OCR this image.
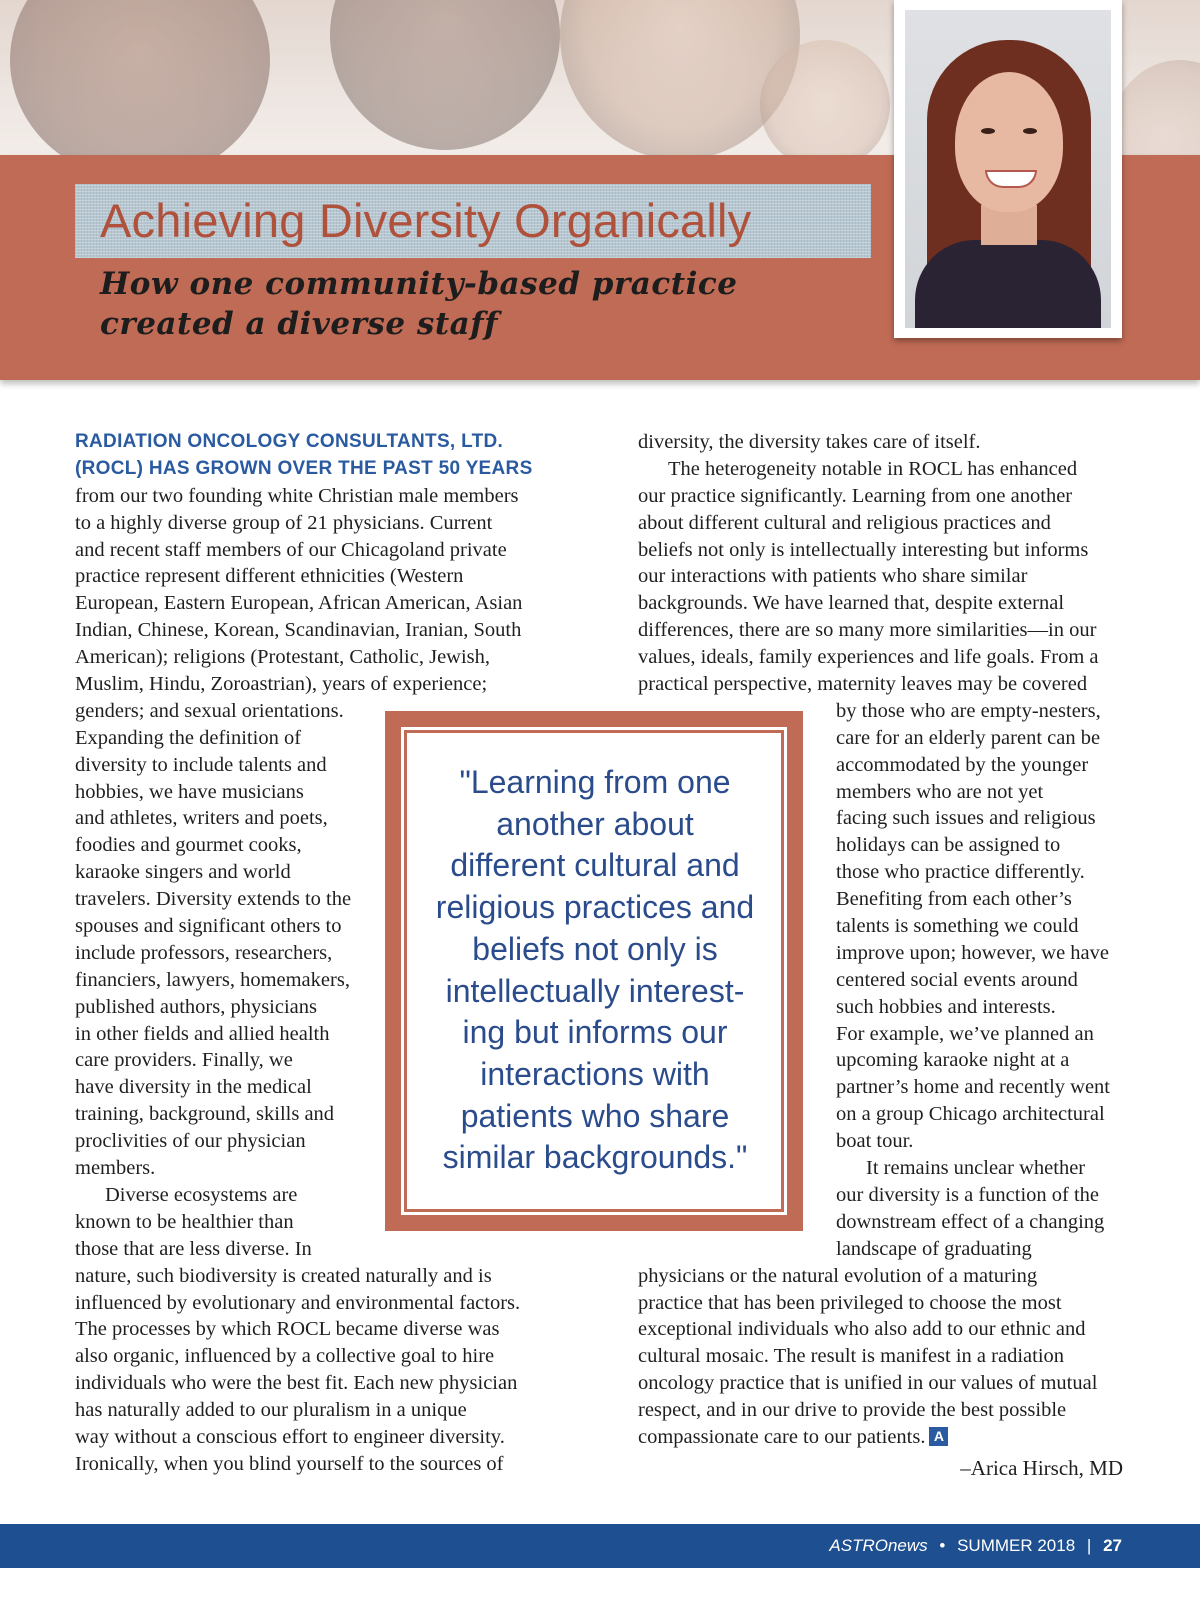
Achieving Diversity Organically
How one community-based practice
created a diverse staff
RADIATION ONCOLOGY CONSULTANTS, LTD.
(ROCL) HAS GROWN OVER THE PAST 50 YEARS
from our two founding white Christian male members
to a highly diverse group of 21 physicians. Current
and recent staff members of our Chicagoland private
practice represent different ethnicities (Western
European, Eastern European, African American, Asian
Indian, Chinese, Korean, Scandinavian, Iranian, South
American); religions (Protestant, Catholic, Jewish,
Muslim, Hindu, Zoroastrian), years of experience;
genders; and sexual orientations.
Expanding the definition of
diversity to include talents and
hobbies, we have musicians
and athletes, writers and poets,
foodies and gourmet cooks,
karaoke singers and world
travelers. Diversity extends to the
spouses and significant others to
include professors, researchers,
financiers, lawyers, homemakers,
published authors, physicians
in other fields and allied health
care providers. Finally, we
have diversity in the medical
training, background, skills and
proclivities of our physician
members.
Diverse ecosystems are
known to be healthier than
those that are less diverse. In
nature, such biodiversity is created naturally and is
influenced by evolutionary and environmental factors.
The processes by which ROCL became diverse was
also organic, influenced by a collective goal to hire
individuals who were the best fit. Each new physician
has naturally added to our pluralism in a unique
way without a conscious effort to engineer diversity.
Ironically, when you blind yourself to the sources of
diversity, the diversity takes care of itself.
The heterogeneity notable in ROCL has enhanced
our practice significantly. Learning from one another
about different cultural and religious practices and
beliefs not only is intellectually interesting but informs
our interactions with patients who share similar
backgrounds. We have learned that, despite external
differences, there are so many more similarities—in our
values, ideals, family experiences and life goals. From a
practical perspective, maternity leaves may be covered
by those who are empty-nesters,
care for an elderly parent can be
accommodated by the younger
members who are not yet
facing such issues and religious
holidays can be assigned to
those who practice differently.
Benefiting from each other’s
talents is something we could
improve upon; however, we have
centered social events around
such hobbies and interests.
For example, we’ve planned an
upcoming karaoke night at a
partner’s home and recently went
on a group Chicago architectural
boat tour.
It remains unclear whether
our diversity is a function of the
downstream effect of a changing
landscape of graduating
physicians or the natural evolution of a maturing
practice that has been privileged to choose the most
exceptional individuals who also add to our ethnic and
cultural mosaic. The result is manifest in a radiation
oncology practice that is unified in our values of mutual
respect, and in our drive to provide the best possible
compassionate care to our patients. A
"Learning from one
another about
different cultural and
religious practices and
beliefs not only is
intellectually interest-
ing but informs our
interactions with
patients who share
similar backgrounds."
–Arica Hirsch, MD
ASTROnews • SUMMER 2018 | 27
